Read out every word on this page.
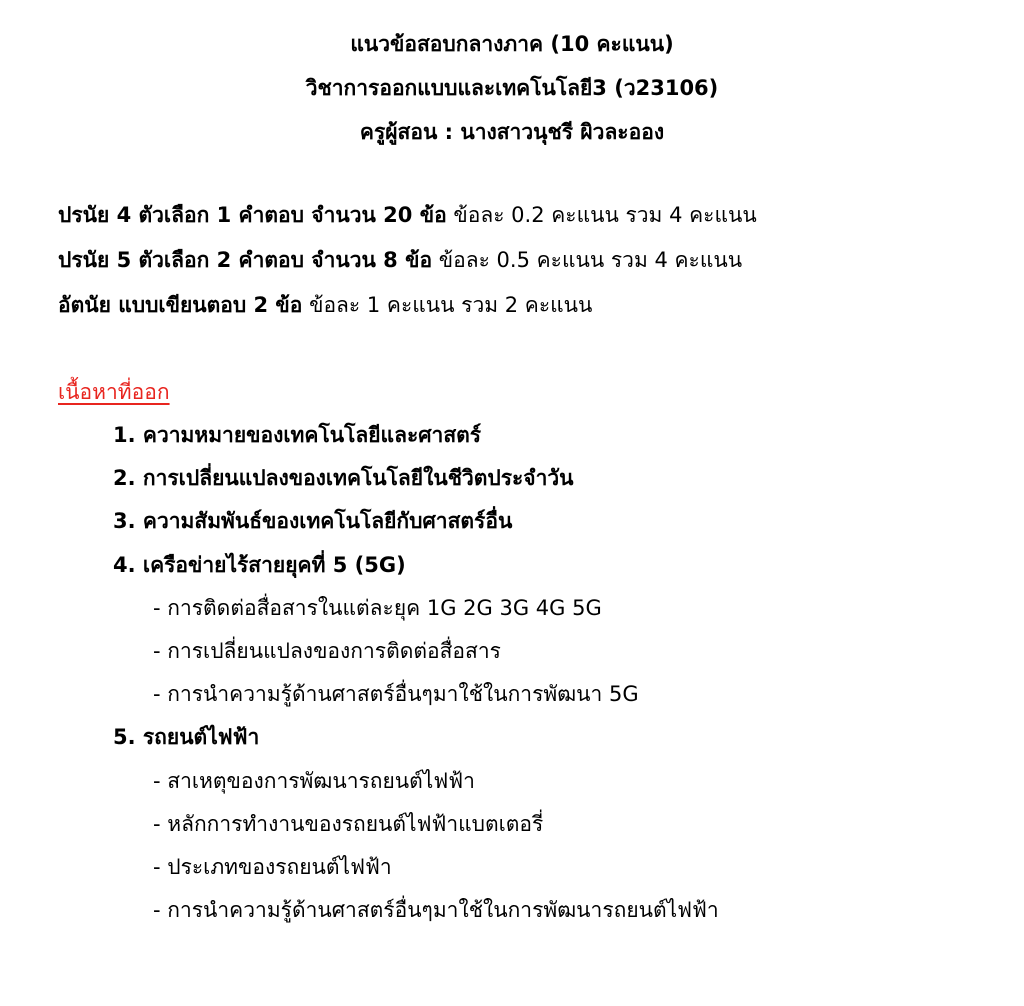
แนวข้อสอบกลางภาค (10 คะแนน)
วิชาการออกแบบและเทคโนโลยี3 (ว23106)
ครูผู้สอน : นางสาวนุชรี ผิวละออง
ปรนัย 4 ตัวเลือก 1 คำตอบ จำนวน 20 ข้อ ข้อละ 0.2 คะแนน รวม 4 คะแนน
ปรนัย 5 ตัวเลือก 2 คำตอบ จำนวน 8 ข้อ ข้อละ 0.5 คะแนน รวม 4 คะแนน
อัตนัย แบบเขียนตอบ 2 ข้อ ข้อละ 1 คะแนน รวม 2 คะแนน
เนื้อหาที่ออก
1. ความหมายของเทคโนโลยีและศาสตร์
2. การเปลี่ยนแปลงของเทคโนโลยีในชีวิตประจำวัน
3. ความสัมพันธ์ของเทคโนโลยีกับศาสตร์อื่น
4. เครือข่ายไร้สายยุคที่ 5 (5G)
- การติดต่อสื่อสารในแต่ละยุค 1G 2G 3G 4G 5G
- การเปลี่ยนแปลงของการติดต่อสื่อสาร
- การนำความรู้ด้านศาสตร์อื่นๆมาใช้ในการพัฒนา 5G
5. รถยนต์ไฟฟ้า
- สาเหตุของการพัฒนารถยนต์ไฟฟ้า
- หลักการทำงานของรถยนต์ไฟฟ้าแบตเตอรี่
- ประเภทของรถยนต์ไฟฟ้า
- การนำความรู้ด้านศาสตร์อื่นๆมาใช้ในการพัฒนารถยนต์ไฟฟ้า
